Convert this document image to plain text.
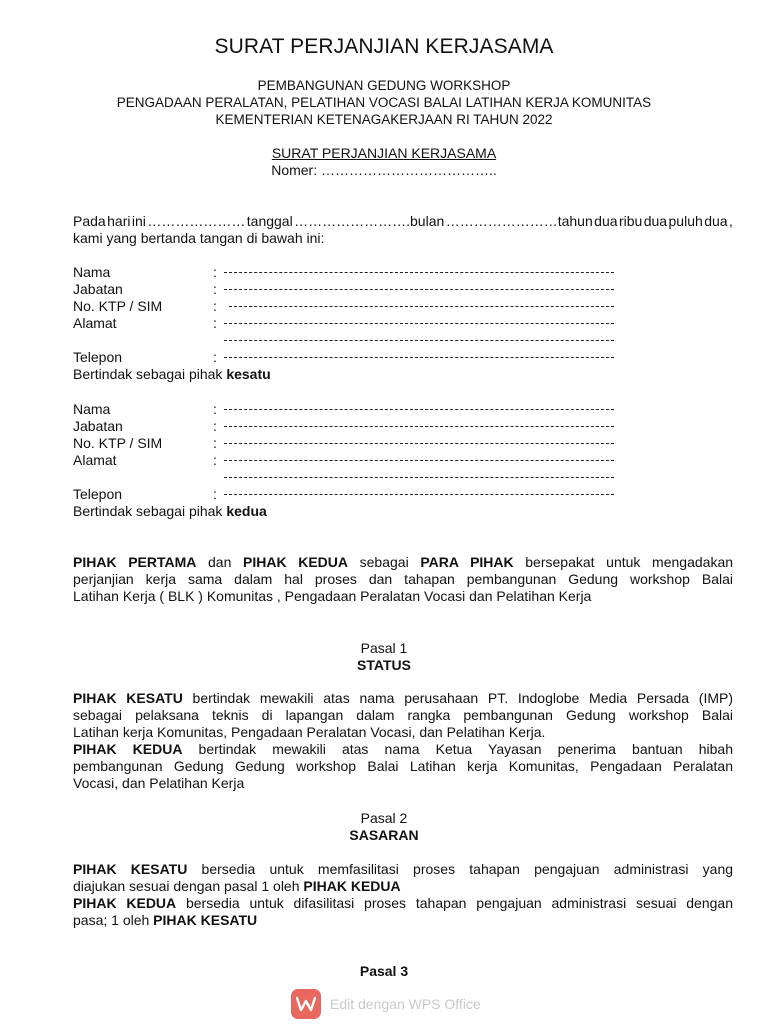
SURAT PERJANJIAN KERJASAMA
PEMBANGUNAN GEDUNG WORKSHOP
PENGADAAN PERALATAN, PELATIHAN VOCASI BALAI LATIHAN KERJA KOMUNITAS
KEMENTERIAN KETENAGAKERJAAN RI TAHUN 2022
SURAT PERJANJIAN KERJASAMA
Nomer: ………………………………..
Pada hari ini ………………… tanggal …………………….bulan ……………………tahun dua ribu dua puluh dua ,
kami yang bertanda tangan di bawah ini:
Nama	:
Jabatan	:
No. KTP / SIM	:
Alamat	:
Telepon	:
Bertindak sebagai pihak kesatu
Nama	:
Jabatan	:
No. KTP / SIM	:
Alamat	:
Telepon	:
Bertindak sebagai pihak kedua
PIHAK PERTAMA dan PIHAK KEDUA sebagai PARA PIHAK bersepakat untuk mengadakan
perjanjian kerja sama dalam hal proses dan tahapan pembangunan Gedung workshop Balai
Latihan Kerja ( BLK ) Komunitas , Pengadaan Peralatan Vocasi dan Pelatihan Kerja
Pasal 1
STATUS
PIHAK KESATU bertindak mewakili atas nama perusahaan PT. Indoglobe Media Persada (IMP)
sebagai pelaksana teknis di lapangan dalam rangka pembangunan Gedung workshop Balai
Latihan kerja Komunitas, Pengadaan Peralatan Vocasi, dan Pelatihan Kerja.
PIHAK KEDUA bertindak mewakili atas nama Ketua Yayasan penerima bantuan hibah
pembangunan Gedung Gedung workshop Balai Latihan kerja Komunitas, Pengadaan Peralatan
Vocasi, dan Pelatihan Kerja
Pasal 2
SASARAN
PIHAK KESATU bersedia untuk memfasilitasi proses tahapan pengajuan administrasi yang
diajukan sesuai dengan pasal 1 oleh PIHAK KEDUA
PIHAK KEDUA bersedia untuk difasilitasi proses tahapan pengajuan administrasi sesuai dengan
pasa; 1 oleh PIHAK KESATU
Pasal 3
Edit dengan WPS Office
